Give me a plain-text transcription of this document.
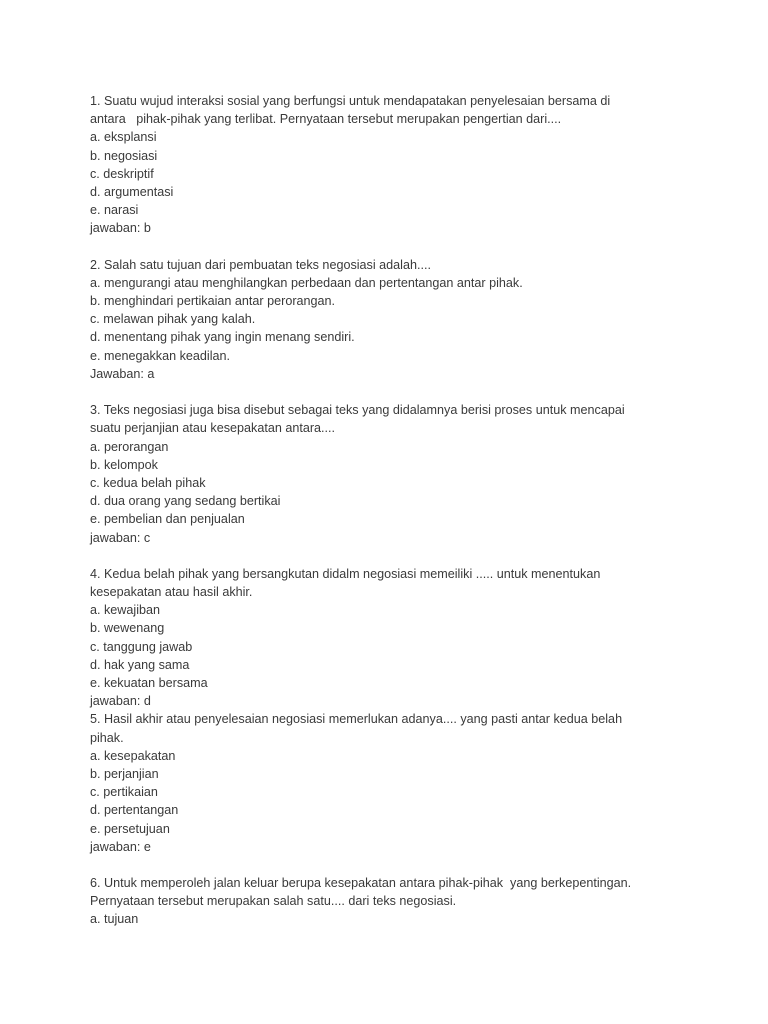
1. Suatu wujud interaksi sosial yang berfungsi untuk mendapatakan penyelesaian bersama di
antara   pihak-pihak yang terlibat. Pernyataan tersebut merupakan pengertian dari....
a. eksplansi
b. negosiasi
c. deskriptif
d. argumentasi
e. narasi
jawaban: b
2. Salah satu tujuan dari pembuatan teks negosiasi adalah....
a. mengurangi atau menghilangkan perbedaan dan pertentangan antar pihak.
b. menghindari pertikaian antar perorangan.
c. melawan pihak yang kalah.
d. menentang pihak yang ingin menang sendiri.
e. menegakkan keadilan.
Jawaban: a
3. Teks negosiasi juga bisa disebut sebagai teks yang didalamnya berisi proses untuk mencapai
suatu perjanjian atau kesepakatan antara....
a. perorangan
b. kelompok
c. kedua belah pihak
d. dua orang yang sedang bertikai
e. pembelian dan penjualan
jawaban: c
4. Kedua belah pihak yang bersangkutan didalm negosiasi memeiliki ..... untuk menentukan
kesepakatan atau hasil akhir.
a. kewajiban
b. wewenang
c. tanggung jawab
d. hak yang sama
e. kekuatan bersama
jawaban: d
5. Hasil akhir atau penyelesaian negosiasi memerlukan adanya.... yang pasti antar kedua belah
pihak.
a. kesepakatan
b. perjanjian
c. pertikaian
d. pertentangan
e. persetujuan
jawaban: e
6. Untuk memperoleh jalan keluar berupa kesepakatan antara pihak-pihak  yang berkepentingan.
Pernyataan tersebut merupakan salah satu.... dari teks negosiasi.
a. tujuan
